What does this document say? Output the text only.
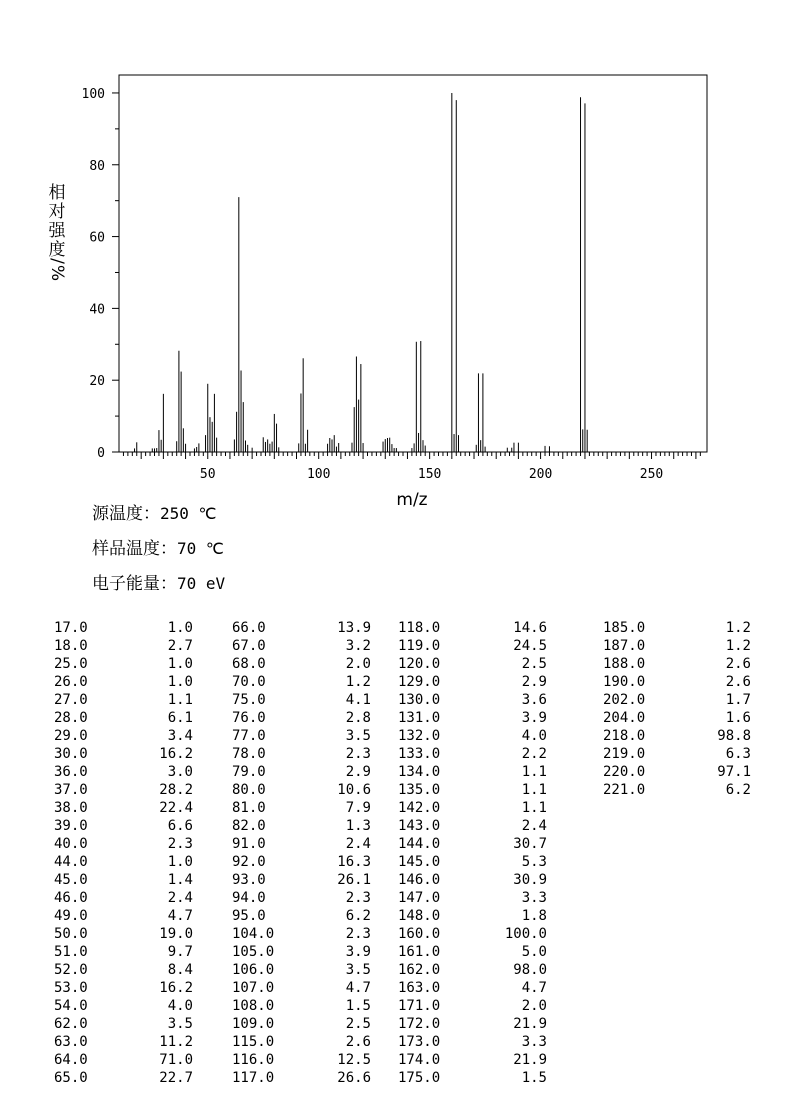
50	100	150	200	250
0
20
40
60
80
100
m/z
相
对
强
度
/
%
源温度：250 ℃
样品温度：70 ℃
电子能量：70 eV
17.0	1.0
18.0	2.7
25.0	1.0
26.0	1.0
27.0	1.1
28.0	6.1
29.0	3.4
30.0	16.2
36.0	3.0
37.0	28.2
38.0	22.4
39.0	6.6
40.0	2.3
44.0	1.0
45.0	1.4
46.0	2.4
49.0	4.7
50.0	19.0
51.0	9.7
52.0	8.4
53.0	16.2
54.0	4.0
62.0	3.5
63.0	11.2
64.0	71.0
65.0	22.7
66.0	13.9
67.0	3.2
68.0	2.0
70.0	1.2
75.0	4.1
76.0	2.8
77.0	3.5
78.0	2.3
79.0	2.9
80.0	10.6
81.0	7.9
82.0	1.3
91.0	2.4
92.0	16.3
93.0	26.1
94.0	2.3
95.0	6.2
104.0	2.3
105.0	3.9
106.0	3.5
107.0	4.7
108.0	1.5
109.0	2.5
115.0	2.6
116.0	12.5
117.0	26.6
118.0	14.6
119.0	24.5
120.0	2.5
129.0	2.9
130.0	3.6
131.0	3.9
132.0	4.0
133.0	2.2
134.0	1.1
135.0	1.1
142.0	1.1
143.0	2.4
144.0	30.7
145.0	5.3
146.0	30.9
147.0	3.3
148.0	1.8
160.0	100.0
161.0	5.0
162.0	98.0
163.0	4.7
171.0	2.0
172.0	21.9
173.0	3.3
174.0	21.9
175.0	1.5
185.0	1.2
187.0	1.2
188.0	2.6
190.0	2.6
202.0	1.7
204.0	1.6
218.0	98.8
219.0	6.3
220.0	97.1
221.0	6.2
